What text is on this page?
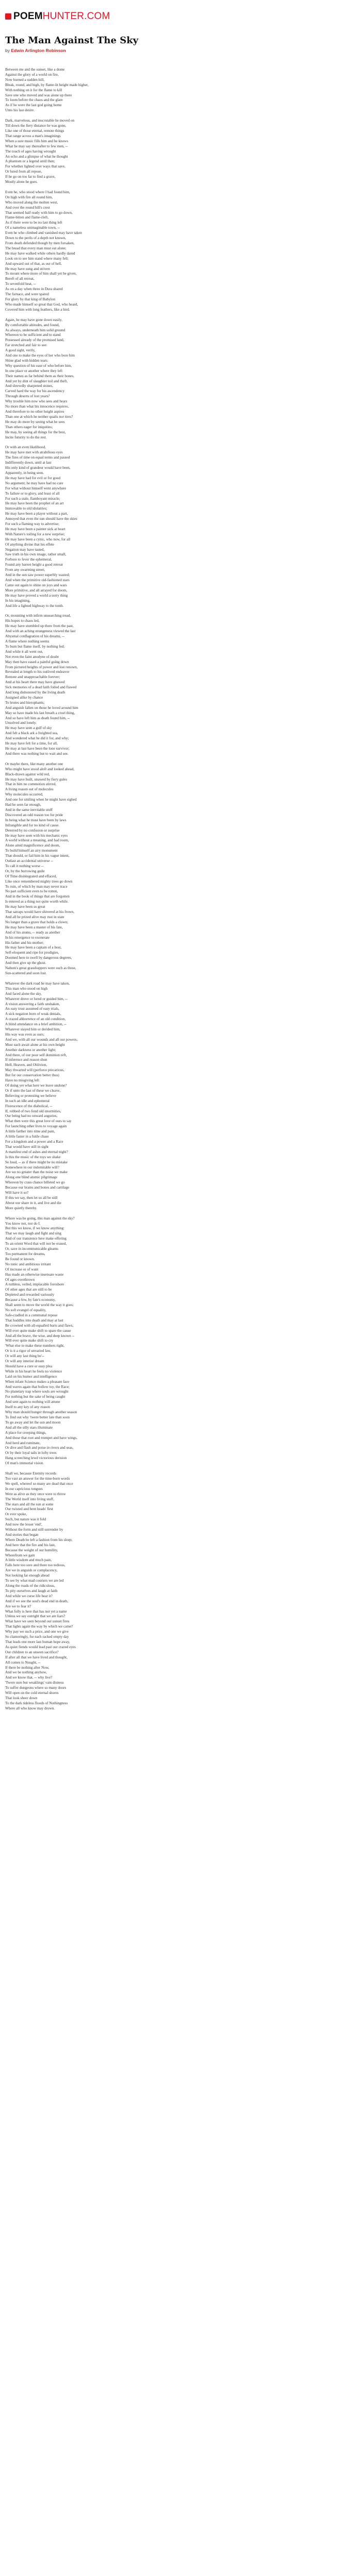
POEM HUNTER.COM
The Man Against The Sky
by Edwin Arlington Robinson

Between me and the sunset, like a dome
Against the glory of a world on fire,
Now burned a sudden hill,
Bleak, round, and high, by flame-lit height made higher,
With nothing on it for the flame to kill
Save one who moved and was alone up there
To loom before the chaos and the glare
As if he were the last god going home
Unto his last desire.

Dark, marvelous, and inscrutable he moved on
Till down the fiery distance he was gone,
Like one of those eternal, remote things
That range across a man's imaginings
When a sure music fills him and he knows
What he may say thereafter to few men, --
The touch of ages having wrought
An echo and a glimpse of what he thought
A phantom or a legend until then;
For whether lighted over ways that save,
Or lured from all repose,
If he go on too far to find a grave,
Mostly alone he goes.

Even he, who stood where I had found him,
On high with fire all round him,
Who moved along the molten west,
And over the round hill's crest
That seemed half ready with him to go down,
Flame-bitten and flame-cleft,
As if there were to be no last thing left
Of a nameless unimaginable town, --
Even he who climbed and vanished may have taken
Down to the perils of a depth not known,
From death defended though by men forsaken,
The bread that every man must eat alone;
He may have walked while others hardly dared
Look on to see him stand where many fell;
And upward out of that, as out of hell,
He may have sung and striven
To mount where more of him shall yet be given,
Bereft of all retreat,
To sevenfold heat, --
As on a day when three in Dura shared
The furnace, and were spared
For glory by that king of Babylon
Who made himself so great that God, who heard,
Covered him with long feathers, like a bird.

Again, he may have gone down easily,
By comfortable altitudes, and found,
As always, underneath him solid ground
Whereon to be sufficient and to stand
Possessed already of the promised land,
Far stretched and fair to see:
A good sight, verily,
And one to make the eyes of her who bore him
Shine glad with hidden tears.
Why question of his ease of who before him,
In one place or another where they left
Their names as far behind them as their bones,
And yet by dint of slaughter toil and theft,
And shrewdly sharpened stones,
Carved hard the way for his ascendency
Through deserts of lost years?
Why trouble him now who sees and hears
No more than what his innocence requires,
And therefore to no other height aspires
Than one at which he neither quails nor tires?
He may do more by seeing what he sees
Than others eager for iniquities;
He may, by seeing all things for the best,
Incite futurity to do the rest.

Or with an even likelihood,
He may have met with atrabilious eyes
The fires of time on equal terms and passed
Indifferently down, until at last
His only kind of grandeur would have been,
Apparently, in being seen.
He may have had for evil or for good
No argument; he may have had no care
For what without himself went anywhere
To failure or to glory, and least of all
For such a stale, flamboyant miracle;
He may have been the prophet of an art
Immovable to old idolatries;
He may have been a player without a part,
Annoyed that even the sun should have the skies
For such a flaming way to advertise;
He may have been a painter sick at heart
With Nature's toiling for a new surprise;
He may have been a cynic, who now, for all
Of anything divine that his effete
Negation may have tasted,
Saw truth in his own image, rather small,
Forbore to fever the ephemeral,
Found any barren height a good retreat
From any swarming street,
And in the sun saw power superbly wasted;
And when the primitive old-fashioned stars
Came out again to shine on joys and wars
More primitive, and all arrayed for doom,
He may have proved a world a sorry thing
In his imagining,
And life a lighted highway to the tomb.

Or, mounting with infirm unsearching tread,
His hopes to chaos led,
He may have stumbled up there from the past,
And with an aching strangeness viewed the last
Abysmal conflagration of his dreams, --
A flame where nothing seems
To burn but flame itself, by nothing fed;
And while it all went out,
Not even the faint anodyne of doubt
May then have eased a painful going down
From pictured heights of power and lost renown,
Revealed at length to his outlived endeavor
Remote and unapproachable forever;
And at his heart there may have gnawed
Sick memories of a dead faith foiled and flawed
And long dishonored by the living death
Assigned alike by chance
To brutes and hierophants;
And anguish fallen on those he loved around him
May so have made his last breath a cruel thing,
And so have left him as death found him, --
Unsolved and lonely.
He may have seen a gulf of sky
And felt a black ark a freighted sea,
And wondered what he did it for, and why;
He may have felt for a time, for all,
He may at last have been the lone survivor;
And there was nothing but to wait and see.

Or maybe there, like many another one
Who might have stood aloft and looked ahead,
Black-drawn against wild red,
He may have built, unawed by fiery gules
That in him no commotion stirred,
A living reason out of molecules
Why molecules occurred,
And one for smiling when he might have sighed
Had he seen far enough,
And in the same inevitable stuff
Discovered an odd reason too for pride
In being what he must have been by laws
Infrangible and for no kind of cause.
Deterred by no confusion or surprise
He may have seen with his mechanic eyes
A world without a meaning, and had room,
Alone amid magnificence and doom,
To build himself an airy monument
That should, or fail him in his vague intent,
Outlast an accidental universe --
To call it nothing worse --
Or, by the burrowing guile
Of Time disintegrated and effaced,
Like once remembered mighty trees go down
To ruin, of which by man may never trace
No part sufficient even to be rotten,
And in the book of things that are forgotten
Is entered as a thing not quite worth while.
He may have been so great
That satraps would have shivered at his frown,
And all he prized alive may rust in state
No longer than a grave that holds a clown;
He may have been a master of his fate,
And of his atoms, -- ready as another
In his emergence to exonerate
His father and his mother;
He may have been a captain of a host,
Self-eloquent and ripe for prodigies,
Doomed here to swell by dangerous degrees,
And then give up the ghost.
Nahum's great grasshoppers were such as these,
Sun-scattered and soon lost.

Whatever the dark road he may have taken,
This man who stood on high
And faced alone the sky,
Whatever drove or lured or guided him, --
A vision answering a faith unshaken,
An easy trust assumed of easy trials,
A sick negation born of weak denials,
A crazed abhorrence of an old condition,
A blind attendance on a brief ambition, --
Whatever stayed him or derided him,
His way was even as ours;
And we, with all our wounds and all our powers,
Must each await alone at his own height
Another darkness or another light;
And there, of our poor self dominion reft,
If inference and reason shun
Hell, Heaven, and Oblivion,
May thwarted will (perforce precarious,
But for our conservation better thus)
Have no misgiving left
Of doing yet what here we leave undone?
Or if unto the last of these we cleave,
Believing or protesting we believe
In such an idle and ephemeral
Florescence of the diabolical, --
If, robbed of two fond old enormities,
Our being had no onward auguries,
What then were this great love of ours to say
For launching other lives to voyage again
A little farther into time and pain,
A little faster in a futile chase
For a kingdom and a power and a Race
That would have still in sight
A manifest end of ashes and eternal night?
Is this the music of the toys we shake
So loud, -- as if there might be no mistake
Somewhere in our indomitable will?
Are we no greater than the noise we make
Along one blind atomic pilgrimage
Whereon by crass chance billeted we go
Because our brains and bones and cartilage
Will have it so?
If this we say, then let us all be still
About our share in it, and live and die
More quietly thereby.

Where was he going, this man against the sky?
You know not, nor do I.
But this we know, if we know anything:
That we may laugh and fight and sing
And of our transience here make offering
To an orient Word that will not be erased,
Or, save in incommunicable gleams
Too permanent for dreams,
Be found or known.
No tonic and ambitious irritant
Of increase or of want
Has made an otherwise insensate waste
Of ages overthrown
A ruthless, veiled, implacable foreshore
Of other ages that are still to be
Depleted and rewarded variously
Because a few, by fate's economy,
Shall seem to move the world the way it goes;
No soft evangel of equality,
Safe-cradled in a communal repose
That huddles into death and may at last
Be crowned with all-equalled hurts and flaws,
Will ever quite make shift to spare the cause
And all the brave, the wise, and deep known --
Will ever quite make shift to cry
'What else to make these numbers right,
Or is it a rigor of unvaried law,
Or will any last thing be'--
Or will any interior dream
Should have a cure or easy plea
While in his heart he feels no violence
Laid on his humor and intelligence
When infant Science makes a pleasant face
And waves again that hollow toy, the Race;
No planetary trap where souls are wrought
For nothing but the sake of being caught
And sent again to nothing will attune
Itself to any key of any reason
Why man should hunger through another season
To find out why 'twere better late than soon
To go away and let the sun and moon
And all the silly stars illuminate
A place for creeping things,
And those that root and trumpet and have wings,
And herd and ruminate,
Or dive and flash and poise in rivers and seas,
Or by their loyal tails in lofty trees
Hang screeching lewd victorious derision
Of man's immortal vision.

Shall we, because Eternity records
Too vast an answer for the time-born words
We spell, whereof so many are dead that once
In our capricious tongues
Were as alive as they once were to throw
The World itself into living stuff,
The stars and all the sun at some
Our twisted and bent heads' first
Or ever spoke,
Such, but nature was it fold
And now the lesser 'end',
Without the form and still surrender by
And stories that began
Where Death he left a fashion from his sleep;
And here that the fire and his last,
Because the weight of our humility,
Wherefrom we gain
A little wisdom and much pain,
Falls here too sore and there too tedious,
Are we in anguish or complacency,
Not looking far enough ahead
To see by what mad couriers we are led
Along the roads of the ridiculous,
To pity ourselves and laugh at faith
And while we curse life bear it?
And if we see the soul's dead end in death,
Are we to fear it?
What folly is here that has not yet a name
Unless we say outright that we are liars?
What have we seen beyond our sunset fires
That lights again the way by which we came?
Why pay we such a price, and one we give
So clamoringly, for each racked empty day
That leads one more last human hope away,
As quiet fiends would lead past our crazed eyes
Our children to an unseen sacrifice?
If after all that we have lived and thought,
All comes to Nought, --
If there be nothing after Now,
And we be nothing anyhow,
And we know that, -- why live?
'Twere sure but weaklings' vain distress
To suffer dungeons where so many doors
Will open on the cold eternal shores
That look sheer down
To the dark tideless floods of Nothingness
Where all who know may drown.
